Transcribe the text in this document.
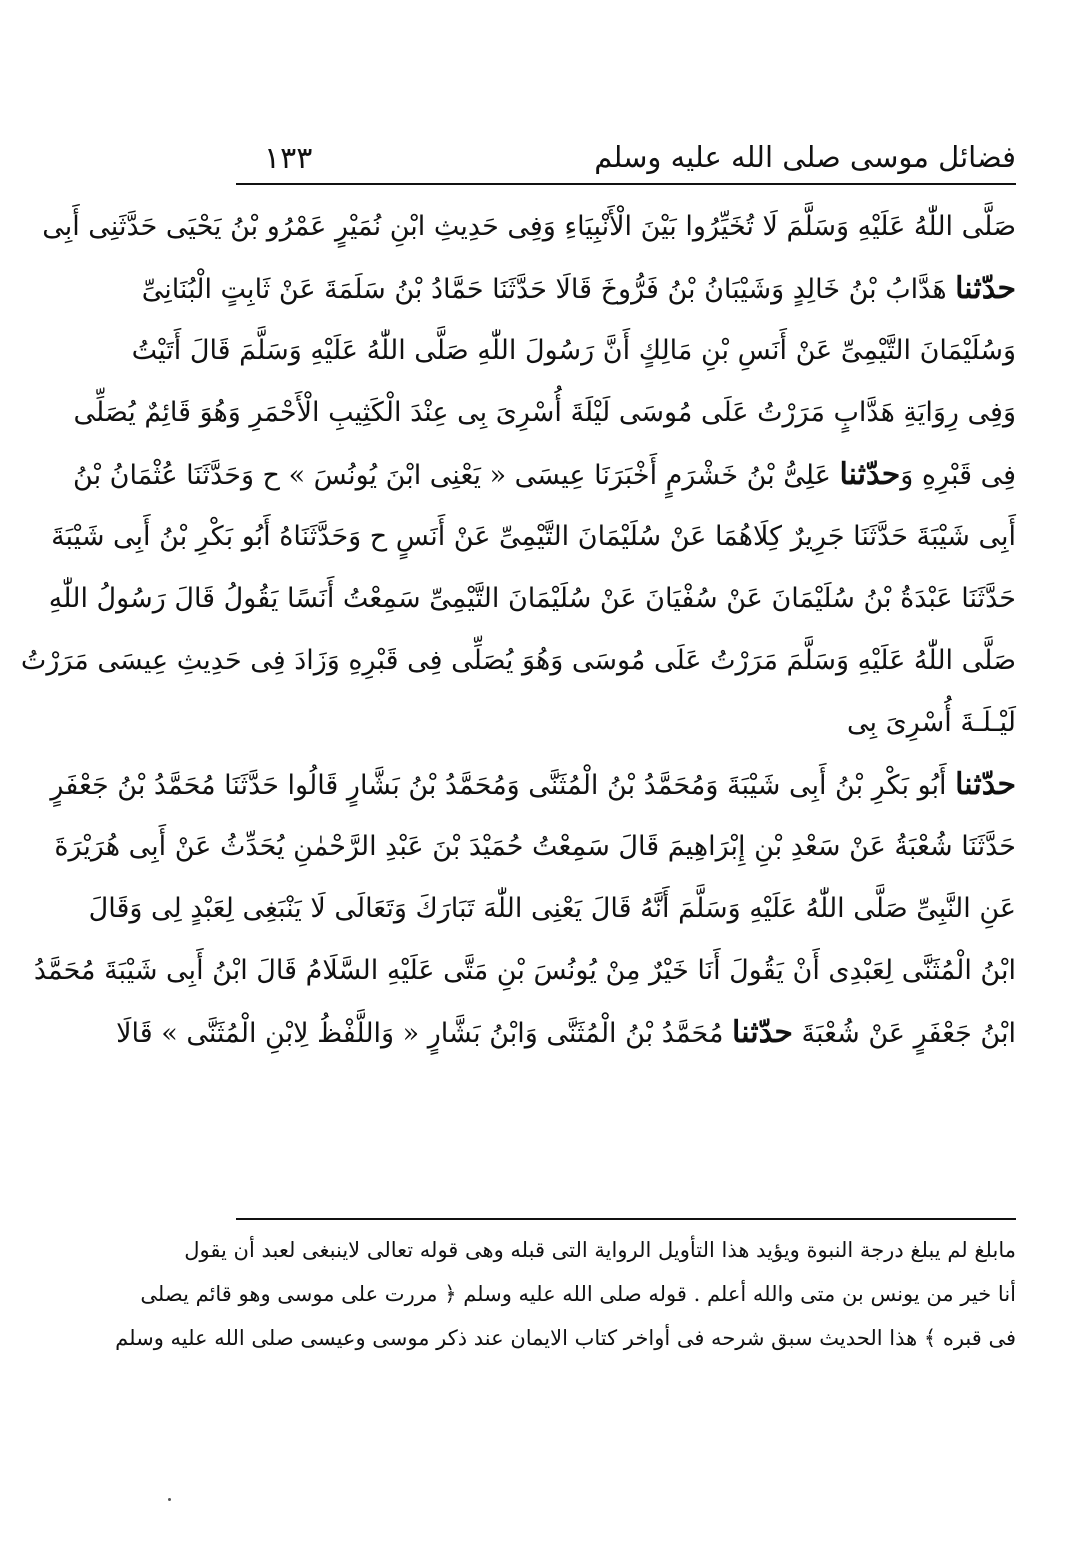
فضائل موسى صلى الله عليه وسلم
١٣٣
صَلَّى اللّٰهُ عَلَيْهِ وَسَلَّمَ لَا تُخَيِّرُوا بَيْنَ الْأَنْبِيَاءِ وَفِى حَدِيثِ ابْنِ نُمَيْرٍ عَمْرُو بْنُ يَحْيَى حَدَّثَنِى أَبِى
حدّثنا هَدَّابُ بْنُ خَالِدٍ وَشَيْبَانُ بْنُ فَرُّوخَ قَالَا حَدَّثَنَا حَمَّادُ بْنُ سَلَمَةَ عَنْ ثَابِتٍ الْبُنَانِىِّ
وَسُلَيْمَانَ التَّيْمِىِّ عَنْ أَنَسِ بْنِ مَالِكٍ أَنَّ رَسُولَ اللّٰهِ صَلَّى اللّٰهُ عَلَيْهِ وَسَلَّمَ قَالَ أَتَيْتُ
وَفِى رِوَايَةِ هَدَّابٍ مَرَرْتُ عَلَى مُوسَى لَيْلَةَ أُسْرِىَ بِى عِنْدَ الْكَثِيبِ الْأَحْمَرِ وَهُوَ قَائِمٌ يُصَلِّى
فِى قَبْرِهِ وَحدّثنا عَلِىُّ بْنُ خَشْرَمٍ أَخْبَرَنَا عِيسَى « يَعْنِى ابْنَ يُونُسَ » ح وَحَدَّثَنَا عُثْمَانُ بْنُ
أَبِى شَيْبَةَ حَدَّثَنَا جَرِيرٌ كِلَاهُمَا عَنْ سُلَيْمَانَ التَّيْمِىِّ عَنْ أَنَسٍ ح وَحَدَّثَنَاهُ أَبُو بَكْرِ بْنُ أَبِى شَيْبَةَ
حَدَّثَنَا عَبْدَةُ بْنُ سُلَيْمَانَ عَنْ سُفْيَانَ عَنْ سُلَيْمَانَ التَّيْمِىِّ سَمِعْتُ أَنَسًا يَقُولُ قَالَ رَسُولُ اللّٰهِ
صَلَّى اللّٰهُ عَلَيْهِ وَسَلَّمَ مَرَرْتُ عَلَى مُوسَى وَهُوَ يُصَلِّى فِى قَبْرِهِ وَزَادَ فِى حَدِيثِ عِيسَى مَرَرْتُ
لَيْـلَـةَ أُسْرِىَ بِى
حدّثنا أَبُو بَكْرِ بْنُ أَبِى شَيْبَةَ وَمُحَمَّدُ بْنُ الْمُثَنَّى وَمُحَمَّدُ بْنُ بَشَّارٍ قَالُوا حَدَّثَنَا مُحَمَّدُ بْنُ جَعْفَرٍ
حَدَّثَنَا شُعْبَةُ عَنْ سَعْدِ بْنِ إِبْرَاهِيمَ قَالَ سَمِعْتُ حُمَيْدَ بْنَ عَبْدِ الرَّحْمٰنِ يُحَدِّثُ عَنْ أَبِى هُرَيْرَةَ
عَنِ النَّبِىِّ صَلَّى اللّٰهُ عَلَيْهِ وَسَلَّمَ أَنَّهُ قَالَ يَعْنِى اللّٰهَ تَبَارَكَ وَتَعَالَى لَا يَنْبَغِى لِعَبْدٍ لِى وَقَالَ
ابْنُ الْمُثَنَّى لِعَبْدِى أَنْ يَقُولَ أَنَا خَيْرٌ مِنْ يُونُسَ بْنِ مَتَّى عَلَيْهِ السَّلَامُ قَالَ ابْنُ أَبِى شَيْبَةَ مُحَمَّدُ
ابْنُ جَعْفَرٍ عَنْ شُعْبَةَ حدّثنا مُحَمَّدُ بْنُ الْمُثَنَّى وَابْنُ بَشَّارٍ « وَاللَّفْظُ لِابْنِ الْمُثَنَّى » قَالَا
مابلغ لم يبلغ درجة النبوة ويؤيد هذا التأويل الرواية التى قبله وهى قوله تعالى لاينبغى لعبد أن يقول
أنا خير من يونس بن متى والله أعلم . قوله صلى الله عليه وسلم ﴿ مررت على موسى وهو قائم يصلى
فى قبره ﴾ هذا الحديث سبق شرحه فى أواخر كتاب الايمان عند ذكر موسى وعيسى صلى الله عليه وسلم
